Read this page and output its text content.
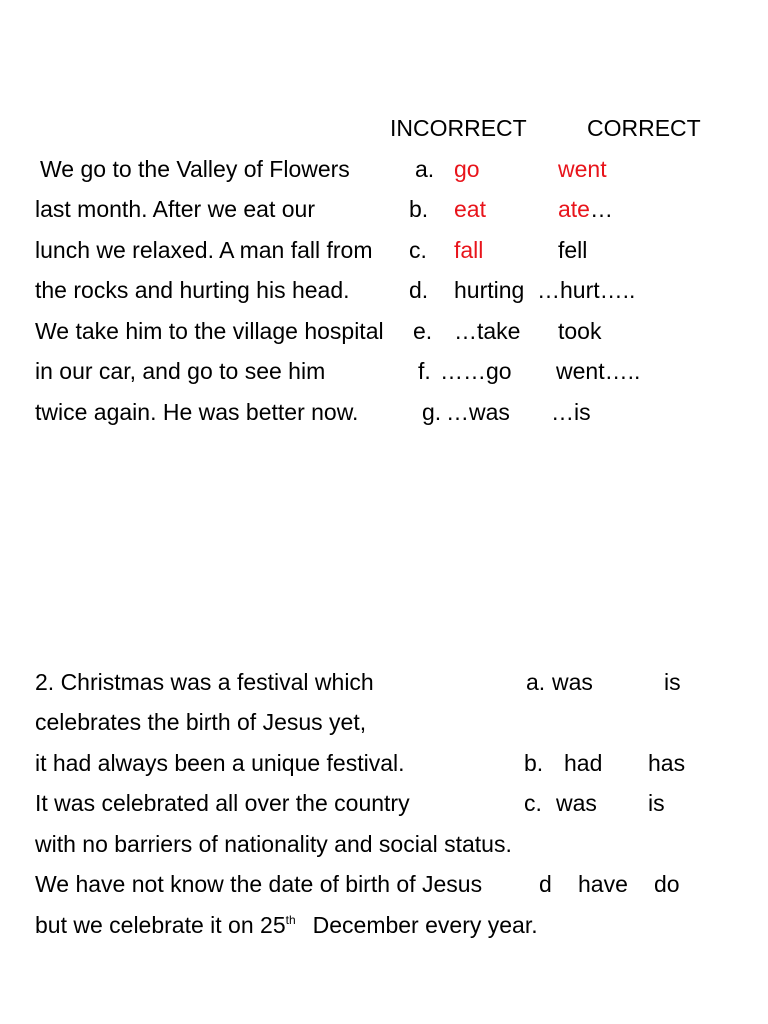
INCORRECT	CORRECT
We go to the Valley of Flowers
last month. After we eat our
lunch we relaxed. A man fall from
the rocks and hurting his head.
We take him to the village hospital
in our car, and go to see him
twice again. He was better now.
a. go	went
b. eat	ate…
c. fall	fell
d. hurting …hurt…..
e. …take took
f. ……go went…..
g. …was …is
2. Christmas was a festival which
celebrates the birth of Jesus yet,
it had always been a unique festival.
It was celebrated all over the country
with no barriers of nationality and social status.
We have not know the date of birth of Jesus
but we celebrate it on 25th December every year.
a. was	is
b. had has
c. was is
d have do
